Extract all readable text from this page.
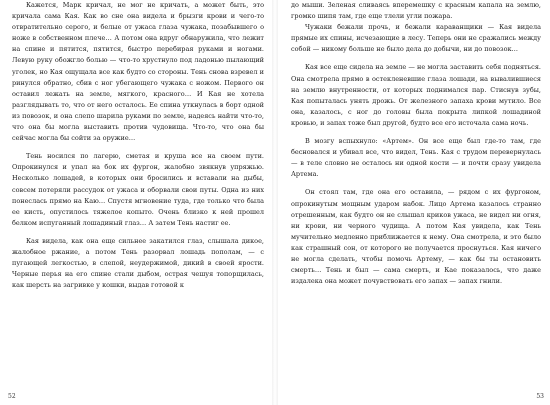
Кажется, Марк кричал, не мог не кричать, а может быть, это кричала сама Кая. Как во сне она видела и брызги крови и чего-то отвратительно серого, и белые от ужаса глаза чужака, позабывшего о ноже в собственном плече… А потом она вдруг обнаружила, что лежит на спине и пятится, пятится, быстро перебирая руками и ногами. Левую руку обожгло болью — что-то хрустнуло под ладонью пылающий уголек, но Кая ощущала все как будто со стороны. Тень снова взревел и ринулся обратно, сбив с ног убегающего чужака с ножом. Первого он оставил лежать на земле, мягкого, красного… И Кая не хотела разглядывать то, что от него осталось. Ее спина уткнулась в борт одной из повозок, и она слепо шарила руками по земле, надеясь найти что-то, что она бы могла выставить против чудовища. Что-то, что она бы сейчас могла бы сойти за оружие…

Тень носился по лагерю, сметая и круша все на своем пути. Опрокинулся и упал на бок их фургон, жалобно звякнув упряжью. Несколько лошадей, в которых они бросились и вставали на дыбы, совсем потеряли рассудок от ужаса и оборвали свои путы. Одна из них понеслась прямо на Каю… Спустя мгновение туда, где только что была ее кисть, опустилось тяжелое копыто. Очень близко к ней прошел белком испуганный лошадиный глаз… А затем Тень настиг ее.

Кая видела, как она еще сильнее закатился глаз, слышала дикое, жалобное ржание, а потом Тень разорвал лошадь пополам, — с пугающей легкостью, в слепой, неудержимой, дикий в своей ярости. Черные перья на его спине стали дыбом, острая чешуя топорщилась, как шерсть на загривке у кошки, выдав готовой к

52

до мыши. Зеленая сливаясь вперемешку с красным капала на землю, громко шипя там, где еще тлели угли пожара.

Чужаки бежали прочь, и бежали караванщики — Кая видела прямые их спины, исчезающие в лесу. Теперь они не сражались между собой — никому больше не было дела до добычи, ни до повозок…

Кая все еще сидела на земле — не могла заставить себя подняться. Она смотрела прямо в остекленевшие глаза лошади, на вывалившиеся на землю внутренности, от которых поднимался пар. Стиснув зубы, Кая попыталась унять дрожь. От железного запаха крови мутило. Все она, казалось, с ног до головы была покрыта липкой лошадиной кровью, и запах тоже был другой, будто все его источала сама ночь.

В мозгу вспыхнуло: «Артем». Он все еще был где-то там, где бесновался и убивал все, что видел, Тень. Кая с трудом перевернулась — в теле словно не осталось ни одной кости — и почти сразу увидела Артема.

Он стоял там, где она его оставила, — рядом с их фургоном, опрокинутым мощным ударом набок. Лицо Артема казалось странно отрешенным, как будто он не слышал криков ужаса, не видел ни огня, ни крови, ни черного чудища. А потом Кая увидела, как Тень мучительно медленно приближается к нему. Она смотрела, и это было как страшный сон, от которого не получается проснуться. Кая ничего не могла сделать, чтобы помочь Артему, — как бы ты остановить смерть… Тень и был — сама смерть, и Кае показалось, что даже издалека она может почувствовать его запах — запах гнили.

53
